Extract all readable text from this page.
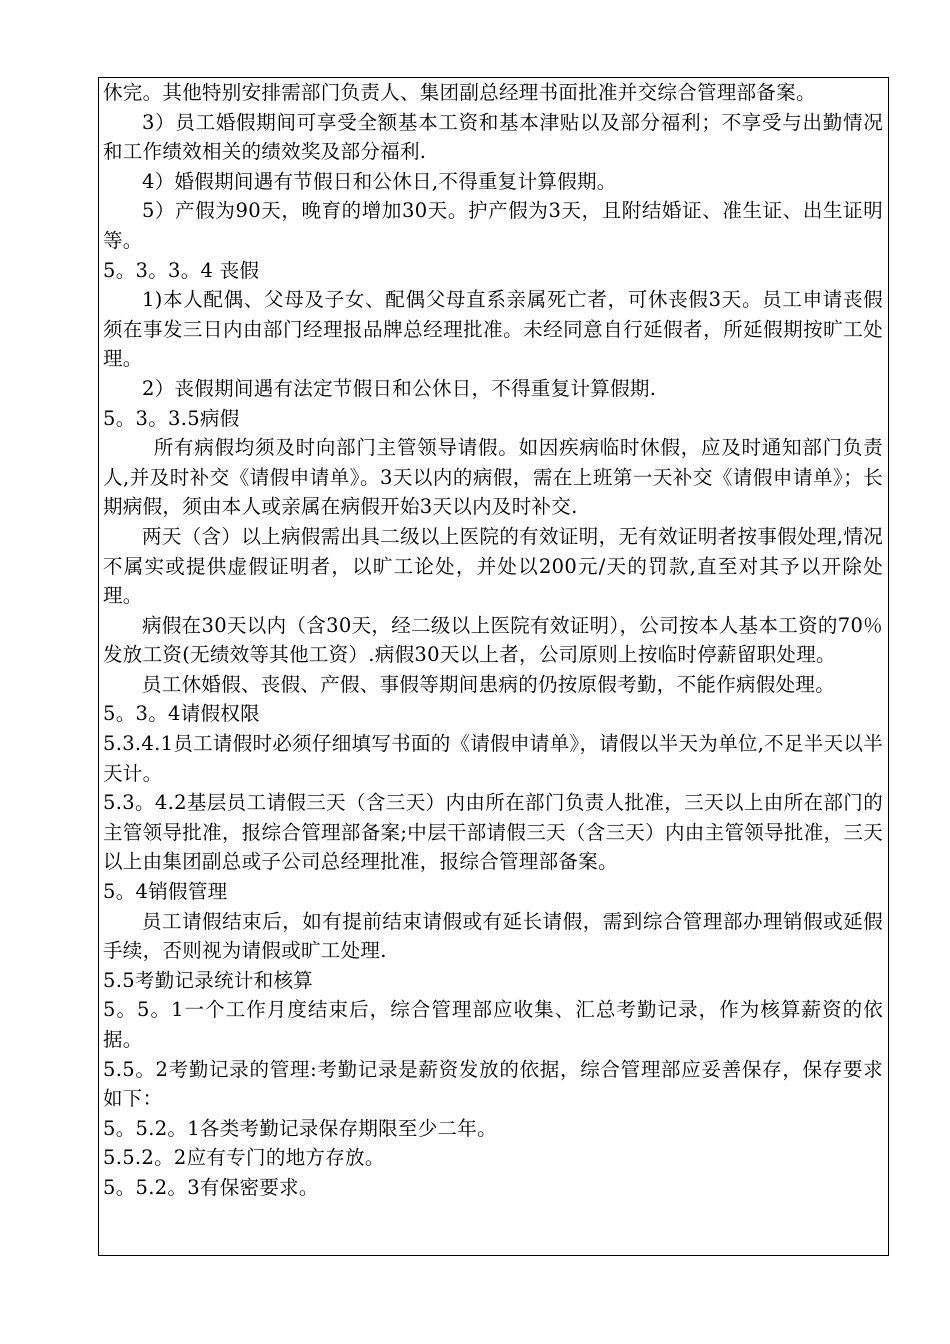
休完。其他特别安排需部门负责人、集团副总经理书面批准并交综合管理部备案。

3）员工婚假期间可享受全额基本工资和基本津贴以及部分福利；不享受与出勤情况和工作绩效相关的绩效奖及部分福利.

4）婚假期间遇有节假日和公休日,不得重复计算假期。

5）产假为90天，晚育的增加30天。护产假为3天，且附结婚证、准生证、出生证明等。

5。3。3。4 丧假

1)本人配偶、父母及子女、配偶父母直系亲属死亡者，可休丧假3天。员工申请丧假须在事发三日内由部门经理报品牌总经理批准。未经同意自行延假者，所延假期按旷工处理。

2）丧假期间遇有法定节假日和公休日，不得重复计算假期.

5。3。3.5病假

所有病假均须及时向部门主管领导请假。如因疾病临时休假，应及时通知部门负责人,并及时补交《请假申请单》。3天以内的病假，需在上班第一天补交《请假申请单》；长期病假，须由本人或亲属在病假开始3天以内及时补交.

两天（含）以上病假需出具二级以上医院的有效证明，无有效证明者按事假处理,情况不属实或提供虚假证明者，以旷工论处，并处以200元/天的罚款,直至对其予以开除处理。

病假在30天以内（含30天，经二级以上医院有效证明），公司按本人基本工资的70％发放工资(无绩效等其他工资）.病假30天以上者，公司原则上按临时停薪留职处理。

员工休婚假、丧假、产假、事假等期间患病的仍按原假考勤，不能作病假处理。

5。3。4请假权限

5.3.4.1员工请假时必须仔细填写书面的《请假申请单》，请假以半天为单位,不足半天以半天计。

5.3。4.2基层员工请假三天（含三天）内由所在部门负责人批准，三天以上由所在部门的主管领导批准，报综合管理部备案;中层干部请假三天（含三天）内由主管领导批准，三天以上由集团副总或子公司总经理批准，报综合管理部备案。

5。4销假管理

员工请假结束后，如有提前结束请假或有延长请假，需到综合管理部办理销假或延假手续，否则视为请假或旷工处理.

5.5考勤记录统计和核算

5。5。1一个工作月度结束后，综合管理部应收集、汇总考勤记录，作为核算薪资的依据。

5.5。2考勤记录的管理:考勤记录是薪资发放的依据，综合管理部应妥善保存，保存要求如下：

5。5.2。1各类考勤记录保存期限至少二年。

5.5.2。2应有专门的地方存放。

5。5.2。3有保密要求。
